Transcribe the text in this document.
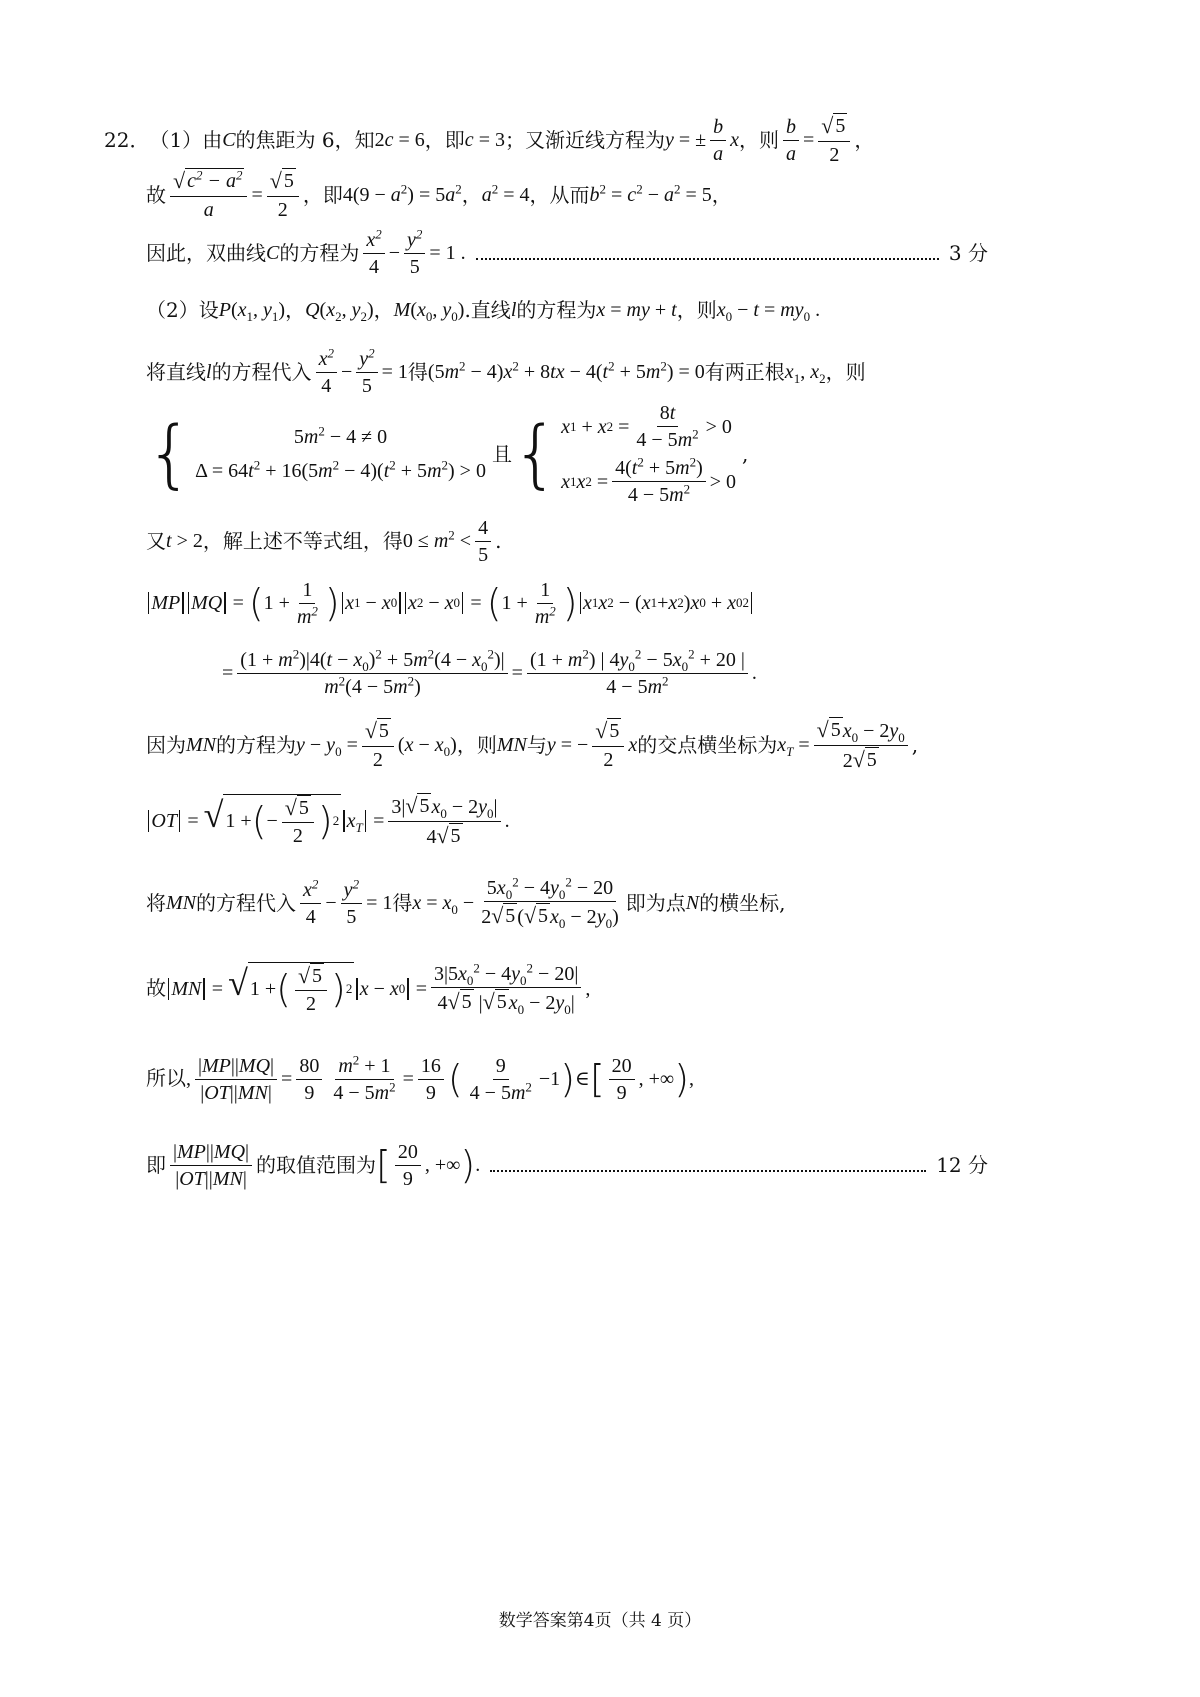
22． （1） 由 C 的焦距为 6，知 2c = 6 ，即 c = 3 ；又渐近线方程为 y = ± $\frac{b}{a}$ x ，则 $\frac{b}{a} = \frac{√ 5}{2}$ ，
故 $\frac{√ c^2 - a^2}{a} = \frac{√ 5}{2}$ ，即 $4(9 - a^2) = 5a^2$ ， $a^2 = 4$ ，从而 $b^2 = c^2 - a^2 = 5$ ，
因此，双曲线 C 的方程为 $\frac{x^2}{4} - \frac{y^2}{5} = 1$ .	3 分
（2） 设 $P(x_1$, $y_1$) ， $Q(x_2$, $y_2$) ， $M(x_0$, $y_0$) .直线 l 的方程为 x = my + t ，则 $x_0 - t = my_0$ .
将直线 l 的方程代入 $\frac{x^2}{4} - \frac{y^2}{5} = 1$ 得 $(5m^2 - 4)x^2 + 8tx - 4(t^2 + 5m^2) = 0$ 有两正根 $x_1$, $x_2$ ，则
{	$5m^2 - 4 \ne 0$
$\Delta = 64t^2 + 16(5m^2 - 4)(t^2 + 5m^2) > 0$
且 { x 1 + x $2 = \frac{8t}{4 - 5m^2} > 0$
x 1 x $2 = \frac{4(t^2 + 5m^2)}{4 - 5m^2} > 0$
,
又 t > 2 ，解上述不等式组，得 $0 \le m^2 < \frac{4}{5}$ .
MP MQ = ( $1 + \frac{1}{m^2}$ ) x 1 − x 0 x 2 − x 0 = ( $1 + \frac{1}{m^2}$ ) x 1 x 2 − ( x 1 + x 2 ) x 0 + x 0 2
= $\frac{(1 + m^2)|4(t - x_0)^2 + 5m^2(4 - x_0^2)|}{m^2(4 - 5m^2)} = \frac{(1 + m^2) | 4y_0^2 - 5x_0^2 + 20 |}{4 - 5m^2}$ .
因为 MN 的方程为 $y - y_0 = \frac{√ 5}{2} (x - x_0)$ ，则 MN 与 y = − $\frac{√ 5}{2}$ x 的交点横坐标为 $x_T = \frac{√ 5 x_0 - 2y_0}{2 √ 5}$ ,
OT = √ 1 + ( − $\frac{√ 5}{2}$ ) 2 $x_T = \frac{3| √ 5 x_0 - 2y_0|}{4 √ 5}$ .
将 MN 的方程代入 $\frac{x^2}{4} - \frac{y^2}{5} = 1$ 得 $x = x_0 - \frac{5x_0^2 - 4y_0^2 - 20}{2 √ 5 ( √ 5 x_0 - 2y_0)}$ 即为点 N 的横坐标,
故 MN = √ 1 + ( $\frac{√ 5}{2}$ ) 2 x − x $0 = \frac{3|5x_0^2 - 4y_0^2 - 20|}{4 √ 5 | √ 5 x_0 - 2y_0|}$ ,
所以, $\frac{|MP||MQ|}{|OT||MN|} = \frac{80}{9} \frac{m^2 + 1}{4 - 5m^2} = \frac{16}{9}$ ( $\frac{9}{4 - 5m^2} -1$ ) ∈ [ $\frac{20}{9}$ , +∞ ) ,
即 $\frac{|MP||MQ|}{|OT||MN|}$ 的取值范围为 [ $\frac{20}{9}$ , +∞ ) .	12 分
数学答案第4页（共 4 页）
